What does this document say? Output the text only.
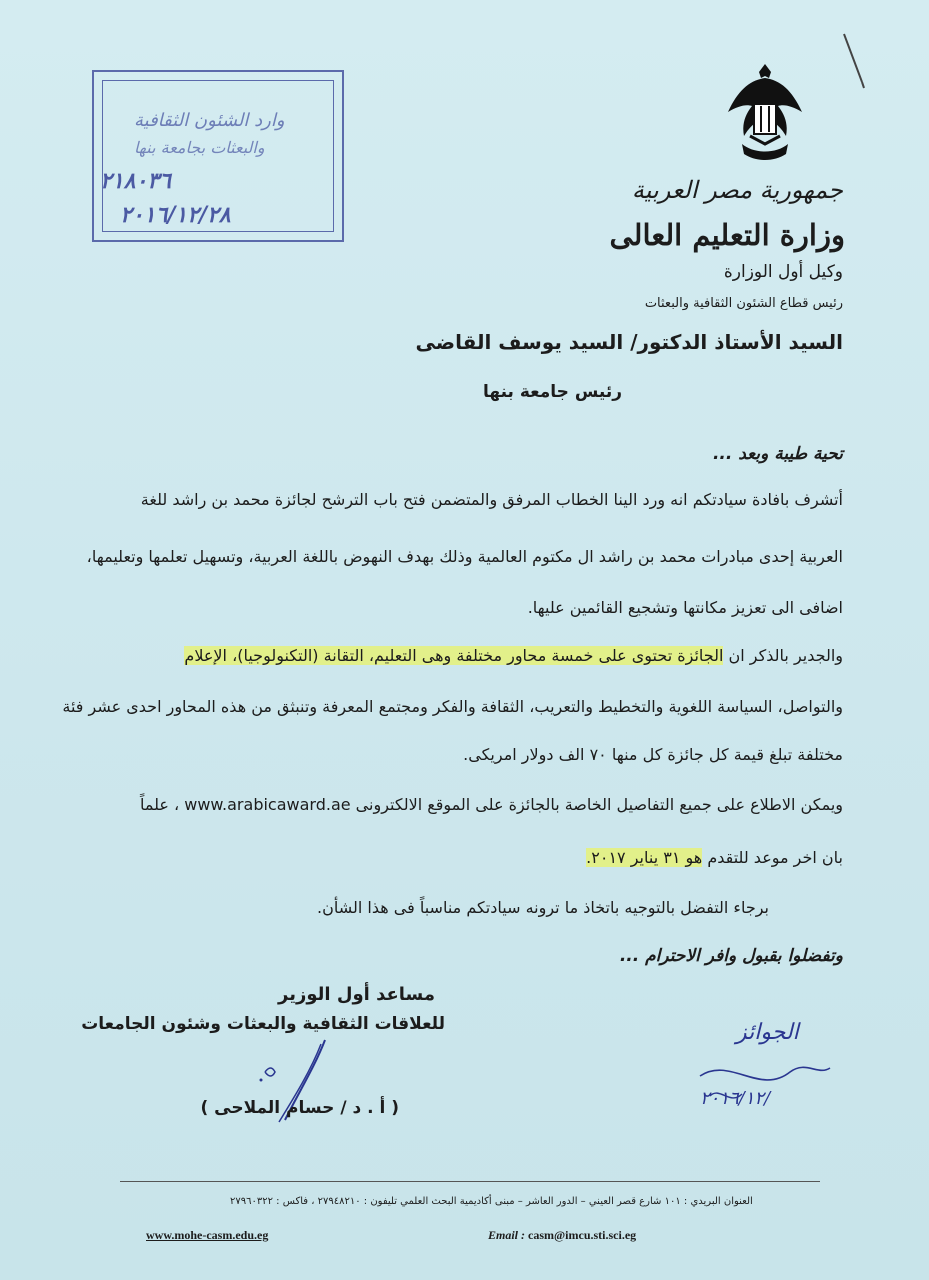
وارد الشئون الثقافية
والبعثات بجامعة بنها
٢١٨٠٣٦
٢٠١٦/١٢/٢٨
جمهورية مصر العربية
وزارة التعليم العالى
وكيل أول الوزارة
رئيس قطاع الشئون الثقافية والبعثات
السيد الأستاذ الدكتور/ السيد يوسف القاضى
رئيس جامعة بنها
تحية طيبة وبعد ...
أتشرف بافادة سيادتكم انه ورد الينا الخطاب المرفق والمتضمن فتح باب الترشح لجائزة محمد بن راشد للغة
العربية إحدى مبادرات محمد بن راشد ال مكتوم العالمية وذلك بهدف النهوض باللغة العربية، وتسهيل تعلمها وتعليمها،
اضافى الى تعزيز مكانتها وتشجيع القائمين عليها.
والجدير بالذكر ان الجائزة تحتوى على خمسة محاور مختلفة وهى التعليم، التقانة (التكنولوجيا)، الإعلام
والتواصل، السياسة اللغوية والتخطيط والتعريب، الثقافة والفكر ومجتمع المعرفة وتنبثق من هذه المحاور احدى عشر فئة
مختلفة تبلغ قيمة كل جائزة كل منها ٧٠ الف دولار امريكى.
ويمكن الاطلاع على جميع التفاصيل الخاصة بالجائزة على الموقع الالكترونى www.arabicaward.ae ، علماً
بان اخر موعد للتقدم هو ٣١ يناير ٢٠١٧.
برجاء التفضل بالتوجيه باتخاذ ما ترونه سيادتكم مناسباً فى هذا الشأن.
وتفضلوا بقبول وافر الاحترام ...
مساعد أول الوزير
للعلاقات الثقافية والبعثات وشئون الجامعات
( أ . د / حسام الملاحى )
الجوائز
٢٠١٦/١٢/
العنوان البريدي : ١٠١ شارع قصر العيني – الدور العاشر – مبنى أكاديمية البحث العلمي تليفون : ٢٧٩٤٨٢١٠ ، فاكس : ٢٧٩٦٠٣٢٢
www.mohe-casm.edu.eg	Email : casm@imcu.sti.sci.eg
